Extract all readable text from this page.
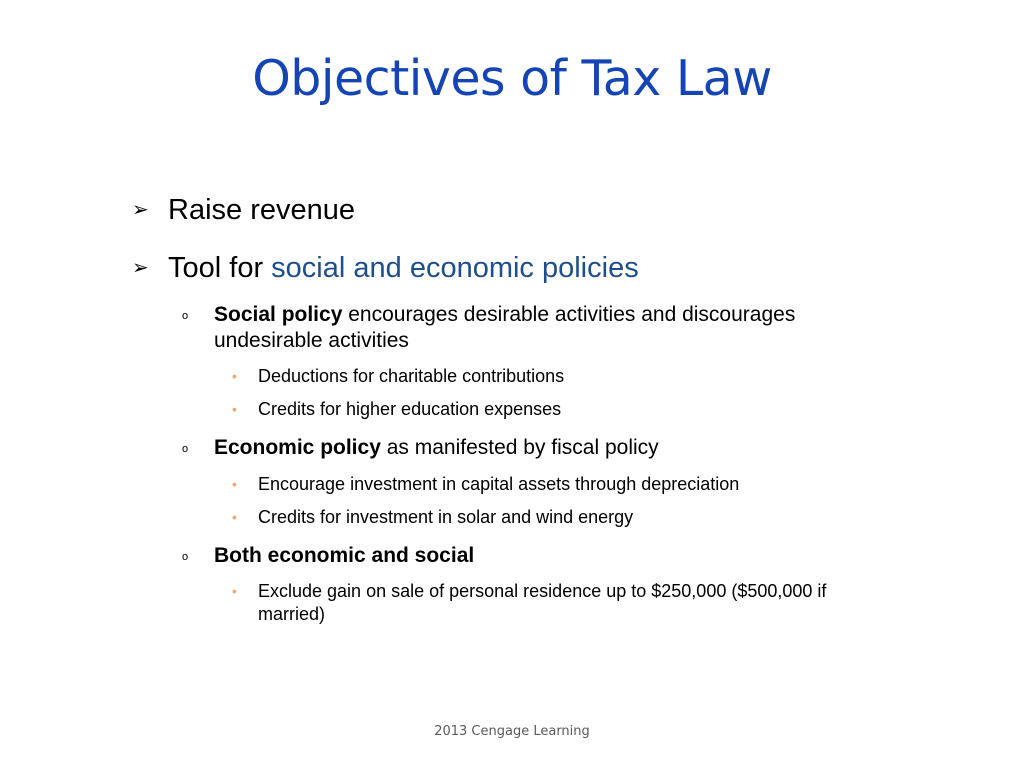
Objectives of Tax Law
➢ Raise revenue
➢ Tool for social and economic policies
o Social policy encourages desirable activities and discourages undesirable activities
• Deductions for charitable contributions
• Credits for higher education expenses
o Economic policy as manifested by fiscal policy
• Encourage investment in capital assets through depreciation
• Credits for investment in solar and wind energy
o Both economic and social
• Exclude gain on sale of personal residence up to $250,000 ($500,000 if married)
2013 Cengage Learning
